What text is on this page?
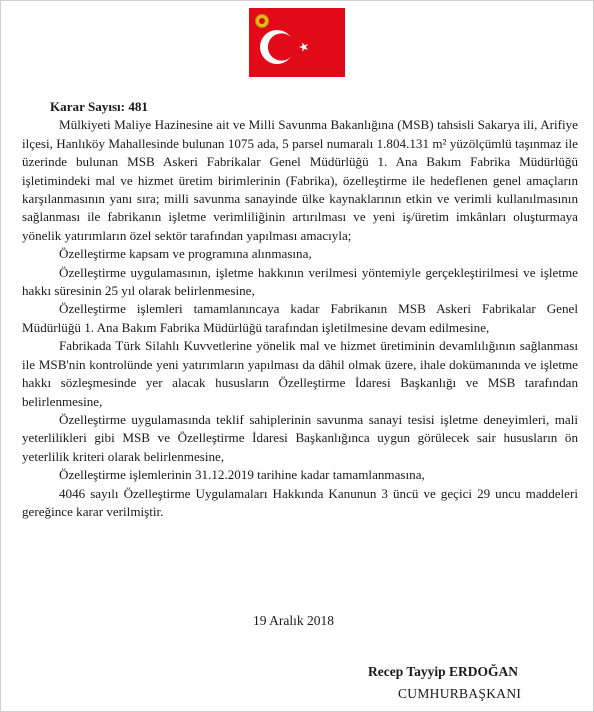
Karar Sayısı: 481

Mülkiyeti Maliye Hazinesine ait ve Milli Savunma Bakanlığına (MSB) tahsisli Sakarya ili, Arifiye ilçesi, Hanlıköy Mahallesinde bulunan 1075 ada, 5 parsel numaralı 1.804.131 m² yüzölçümlü taşınmaz ile üzerinde bulunan MSB Askeri Fabrikalar Genel Müdürlüğü 1. Ana Bakım Fabrika Müdürlüğü işletimindeki mal ve hizmet üretim birimlerinin (Fabrika), özelleştirme ile hedeflenen genel amaçların karşılanmasının yanı sıra; milli savunma sanayinde ülke kaynaklarının etkin ve verimli kullanılmasının sağlanması ile fabrikanın işletme verimliliğinin artırılması ve yeni iş/üretim imkânları oluşturmaya yönelik yatırımların özel sektör tarafından yapılması amacıyla;

Özelleştirme kapsam ve programına alınmasına,

Özelleştirme uygulamasının, işletme hakkının verilmesi yöntemiyle gerçekleştirilmesi ve işletme hakkı süresinin 25 yıl olarak belirlenmesine,

Özelleştirme işlemleri tamamlanıncaya kadar Fabrikanın MSB Askeri Fabrikalar Genel Müdürlüğü 1. Ana Bakım Fabrika Müdürlüğü tarafından işletilmesine devam edilmesine,

Fabrikada Türk Silahlı Kuvvetlerine yönelik mal ve hizmet üretiminin devamlılığının sağlanması ile MSB'nin kontrolünde yeni yatırımların yapılması da dâhil olmak üzere, ihale dokümanında ve işletme hakkı sözleşmesinde yer alacak hususların Özelleştirme İdaresi Başkanlığı ve MSB tarafından belirlenmesine,

Özelleştirme uygulamasında teklif sahiplerinin savunma sanayi tesisi işletme deneyimleri, mali yeterlilikleri gibi MSB ve Özelleştirme İdaresi Başkanlığınca uygun görülecek sair hususların ön yeterlilik kriteri olarak belirlenmesine,

Özelleştirme işlemlerinin 31.12.2019 tarihine kadar tamamlanmasına,

4046 sayılı Özelleştirme Uygulamaları Hakkında Kanunun 3 üncü ve geçici 29 uncu maddeleri gereğince karar verilmiştir.

19 Aralık 2018
Recep Tayyip ERDOĞAN
CUMHURBAŞKANI
